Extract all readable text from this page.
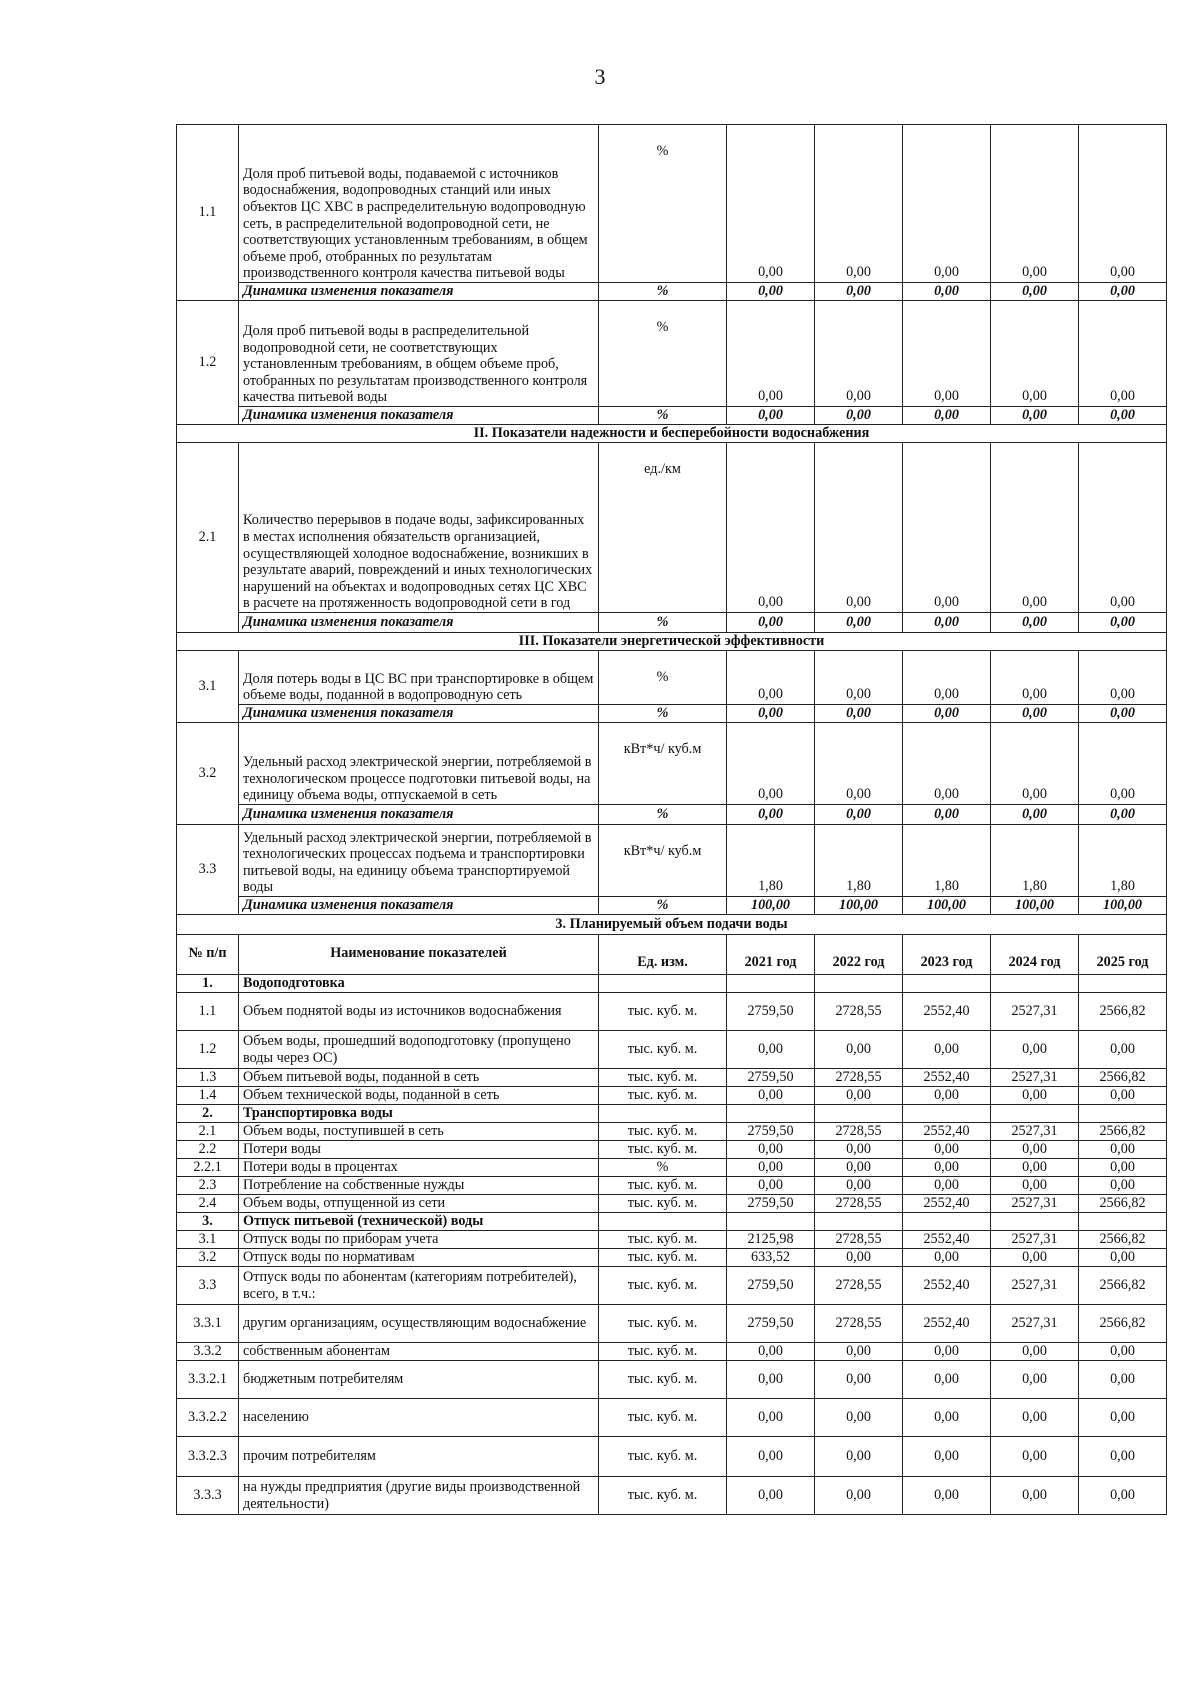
3
1.1	Доля проб питьевой воды, подаваемой с источников водоснабжения, водопроводных станций или иных объектов ЦС ХВС в распределительную водопроводную сеть, в распределительной водопроводной сети, не соответствующих установленным требованиям, в общем объеме проб, отобранных по результатам производственного контроля качества питьевой воды	%	0,00	0,00	0,00	0,00	0,00
	Динамика изменения показателя	%	0,00	0,00	0,00	0,00	0,00
1.2	Доля проб питьевой воды в распределительной водопроводной сети, не соответствующих установленным требованиям, в общем объеме проб, отобранных по результатам производственного контроля качества питьевой воды	%	0,00	0,00	0,00	0,00	0,00
	Динамика изменения показателя	%	0,00	0,00	0,00	0,00	0,00
II. Показатели надежности и бесперебойности водоснабжения							
2.1	Количество перерывов в подаче воды, зафиксированных в местах исполнения обязательств организацией, осуществляющей холодное водоснабжение, возникших в результате аварий, повреждений и иных технологических нарушений на объектах и водопроводных сетях ЦС ХВС в расчете на протяженность водопроводной сети в год	ед./км	0,00	0,00	0,00	0,00	0,00
	Динамика изменения показателя	%	0,00	0,00	0,00	0,00	0,00
III. Показатели энергетической эффективности							
3.1	Доля потерь воды в ЦС ВС при транспортировке в общем объеме воды, поданной в водопроводную сеть	%	0,00	0,00	0,00	0,00	0,00
	Динамика изменения показателя	%	0,00	0,00	0,00	0,00	0,00
3.2	Удельный расход электрической энергии, потребляемой в технологическом процессе подготовки питьевой воды, на единицу объема воды, отпускаемой в сеть	кВт*ч/ куб.м	0,00	0,00	0,00	0,00	0,00
	Динамика изменения показателя	%	0,00	0,00	0,00	0,00	0,00
3.3	Удельный расход электрической энергии, потребляемой в технологических процессах подъема и транспортировки питьевой воды, на единицу объема транспортируемой воды	кВт*ч/ куб.м	1,80	1,80	1,80	1,80	1,80
	Динамика изменения показателя	%	100,00	100,00	100,00	100,00	100,00
3. Планируемый объем подачи воды							
№ п/п	Наименование показателей	Ед. изм.	2021 год	2022 год	2023 год	2024 год	2025 год
1.	Водоподготовка						
1.1	Объем поднятой воды из источников водоснабжения	тыс. куб. м.	2759,50	2728,55	2552,40	2527,31	2566,82
1.2	Объем воды, прошедший водоподготовку (пропущено воды через ОС)	тыс. куб. м.	0,00	0,00	0,00	0,00	0,00
1.3	Объем питьевой воды, поданной в сеть	тыс. куб. м.	2759,50	2728,55	2552,40	2527,31	2566,82
1.4	Объем технической воды, поданной в сеть	тыс. куб. м.	0,00	0,00	0,00	0,00	0,00
2.	Транспортировка воды						
2.1	Объем воды, поступившей в сеть	тыс. куб. м.	2759,50	2728,55	2552,40	2527,31	2566,82
2.2	Потери воды	тыс. куб. м.	0,00	0,00	0,00	0,00	0,00
2.2.1	Потери воды в процентах	%	0,00	0,00	0,00	0,00	0,00
2.3	Потребление на собственные нужды	тыс. куб. м.	0,00	0,00	0,00	0,00	0,00
2.4	Объем воды, отпущенной из сети	тыс. куб. м.	2759,50	2728,55	2552,40	2527,31	2566,82
3.	Отпуск питьевой (технической) воды						
3.1	Отпуск воды по приборам учета	тыс. куб. м.	2125,98	2728,55	2552,40	2527,31	2566,82
3.2	Отпуск воды по нормативам	тыс. куб. м.	633,52	0,00	0,00	0,00	0,00
3.3	Отпуск воды по абонентам (категориям потребителей), всего, в т.ч.:	тыс. куб. м.	2759,50	2728,55	2552,40	2527,31	2566,82
3.3.1	другим организациям, осуществляющим водоснабжение	тыс. куб. м.	2759,50	2728,55	2552,40	2527,31	2566,82
3.3.2	собственным абонентам	тыс. куб. м.	0,00	0,00	0,00	0,00	0,00
3.3.2.1	бюджетным потребителям	тыс. куб. м.	0,00	0,00	0,00	0,00	0,00
3.3.2.2	населению	тыс. куб. м.	0,00	0,00	0,00	0,00	0,00
3.3.2.3	прочим потребителям	тыс. куб. м.	0,00	0,00	0,00	0,00	0,00
3.3.3	на нужды предприятия (другие виды производственной деятельности)	тыс. куб. м.	0,00	0,00	0,00	0,00	0,00
